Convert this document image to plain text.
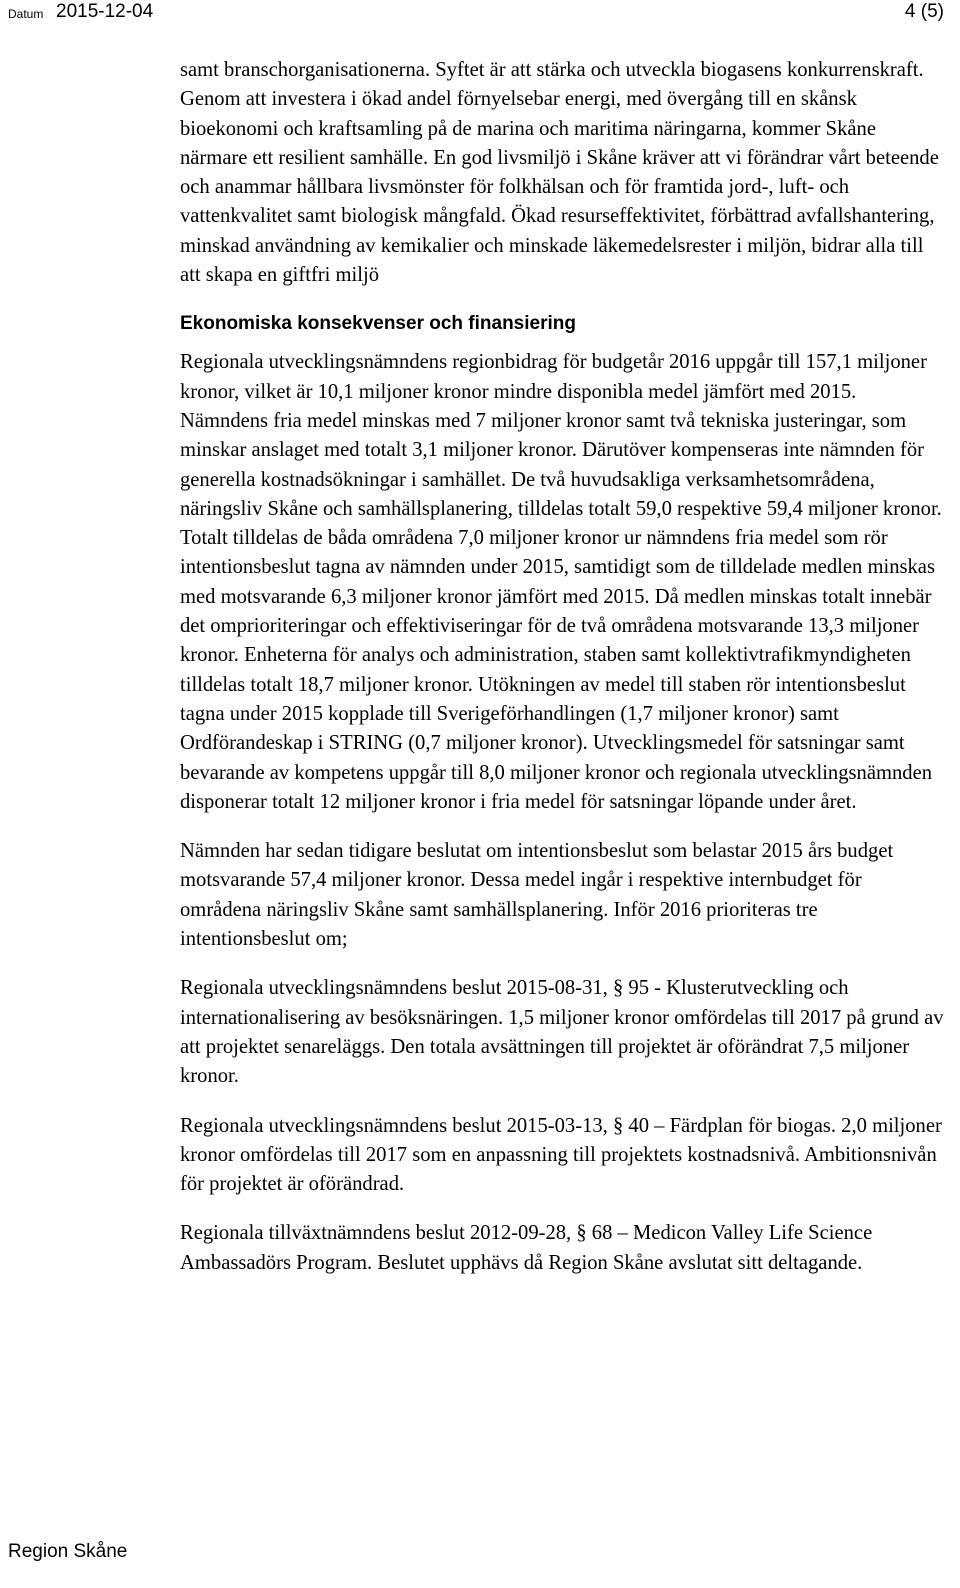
Datum 2015-12-04	4 (5)

samt branschorganisationerna. Syftet är att stärka och utveckla biogasens konkurrenskraft. Genom att investera i ökad andel förnyelsebar energi, med övergång till en skånsk bioekonomi och kraftsamling på de marina och maritima näringarna, kommer Skåne närmare ett resilient samhälle. En god livsmiljö i Skåne kräver att vi förändrar vårt beteende och anammar hållbara livsmönster för folkhälsan och för framtida jord-, luft- och vattenkvalitet samt biologisk mångfald. Ökad resurseffektivitet, förbättrad avfallshantering, minskad användning av kemikalier och minskade läkemedelsrester i miljön, bidrar alla till att skapa en giftfri miljö

Ekonomiska konsekvenser och finansiering

Regionala utvecklingsnämndens regionbidrag för budgetår 2016 uppgår till 157,1 miljoner kronor, vilket är 10,1 miljoner kronor mindre disponibla medel jämfört med 2015. Nämndens fria medel minskas med 7 miljoner kronor samt två tekniska justeringar, som minskar anslaget med totalt 3,1 miljoner kronor. Därutöver kompenseras inte nämnden för generella kostnadsökningar i samhället. De två huvudsakliga verksamhetsområdena, näringsliv Skåne och samhällsplanering, tilldelas totalt 59,0 respektive 59,4 miljoner kronor. Totalt tilldelas de båda områdena 7,0 miljoner kronor ur nämndens fria medel som rör intentionsbeslut tagna av nämnden under 2015, samtidigt som de tilldelade medlen minskas med motsvarande 6,3 miljoner kronor jämfört med 2015. Då medlen minskas totalt innebär det omprioriteringar och effektiviseringar för de två områdena motsvarande 13,3 miljoner kronor. Enheterna för analys och administration, staben samt kollektivtrafikmyndigheten tilldelas totalt 18,7 miljoner kronor. Utökningen av medel till staben rör intentionsbeslut tagna under 2015 kopplade till Sverigeförhandlingen (1,7 miljoner kronor) samt Ordförandeskap i STRING (0,7 miljoner kronor). Utvecklingsmedel för satsningar samt bevarande av kompetens uppgår till 8,0 miljoner kronor och regionala utvecklingsnämnden disponerar totalt 12 miljoner kronor i fria medel för satsningar löpande under året.

Nämnden har sedan tidigare beslutat om intentionsbeslut som belastar 2015 års budget motsvarande 57,4 miljoner kronor. Dessa medel ingår i respektive internbudget för områdena näringsliv Skåne samt samhällsplanering. Inför 2016 prioriteras tre intentionsbeslut om;

Regionala utvecklingsnämndens beslut 2015-08-31, § 95 - Klusterutveckling och internationalisering av besöksnäringen. 1,5 miljoner kronor omfördelas till 2017 på grund av att projektet senareläggs. Den totala avsättningen till projektet är oförändrat 7,5 miljoner kronor.

Regionala utvecklingsnämndens beslut 2015-03-13, § 40 – Färdplan för biogas. 2,0 miljoner kronor omfördelas till 2017 som en anpassning till projektets kostnadsnivå. Ambitionsnivån för projektet är oförändrad.

Regionala tillväxtnämndens beslut 2012-09-28, § 68 – Medicon Valley Life Science Ambassadörs Program. Beslutet upphävs då Region Skåne avslutat sitt deltagande.

Region Skåne
